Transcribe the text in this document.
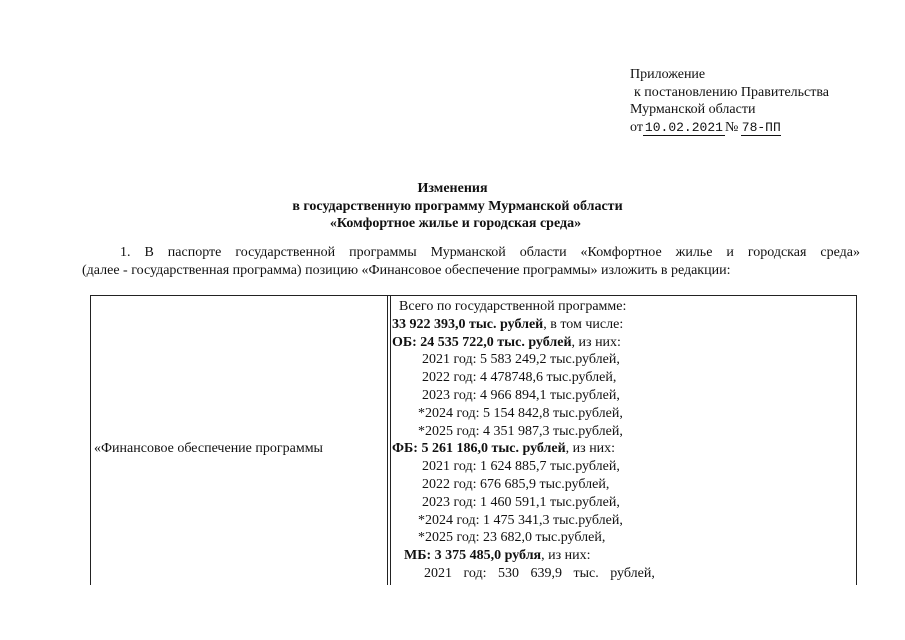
Приложение
к постановлению Правительства
Мурманской области
от 10.02.2021 № 78-ПП
Изменения
в государственную программу Мурманской области
«Комфортное жилье и городская среда»
1. В паспорте государственной программы Мурманской области «Комфортное жилье и городская среда»
(далее - государственная программа) позицию «Финансовое обеспечение программы» изложить в редакции:
«Финансовое обеспечение программы
Всего по государственной программе:
33 922 393,0 тыс. рублей, в том числе:
ОБ: 24 535 722,0 тыс. рублей, из них:
2021 год: 5 583 249,2 тыс.рублей,
2022 год: 4 478748,6 тыс.рублей,
2023 год: 4 966 894,1 тыс.рублей,
*2024 год: 5 154 842,8 тыс.рублей,
*2025 год: 4 351 987,3 тыс.рублей,
ФБ: 5 261 186,0 тыс. рублей, из них:
2021 год: 1 624 885,7 тыс.рублей,
2022 год: 676 685,9 тыс.рублей,
2023 год: 1 460 591,1 тыс.рублей,
*2024 год: 1 475 341,3 тыс.рублей,
*2025 год: 23 682,0 тыс.рублей,
МБ: 3 375 485,0 рубля, из них:
2021 год: 530 639,9 тыс. рублей,
